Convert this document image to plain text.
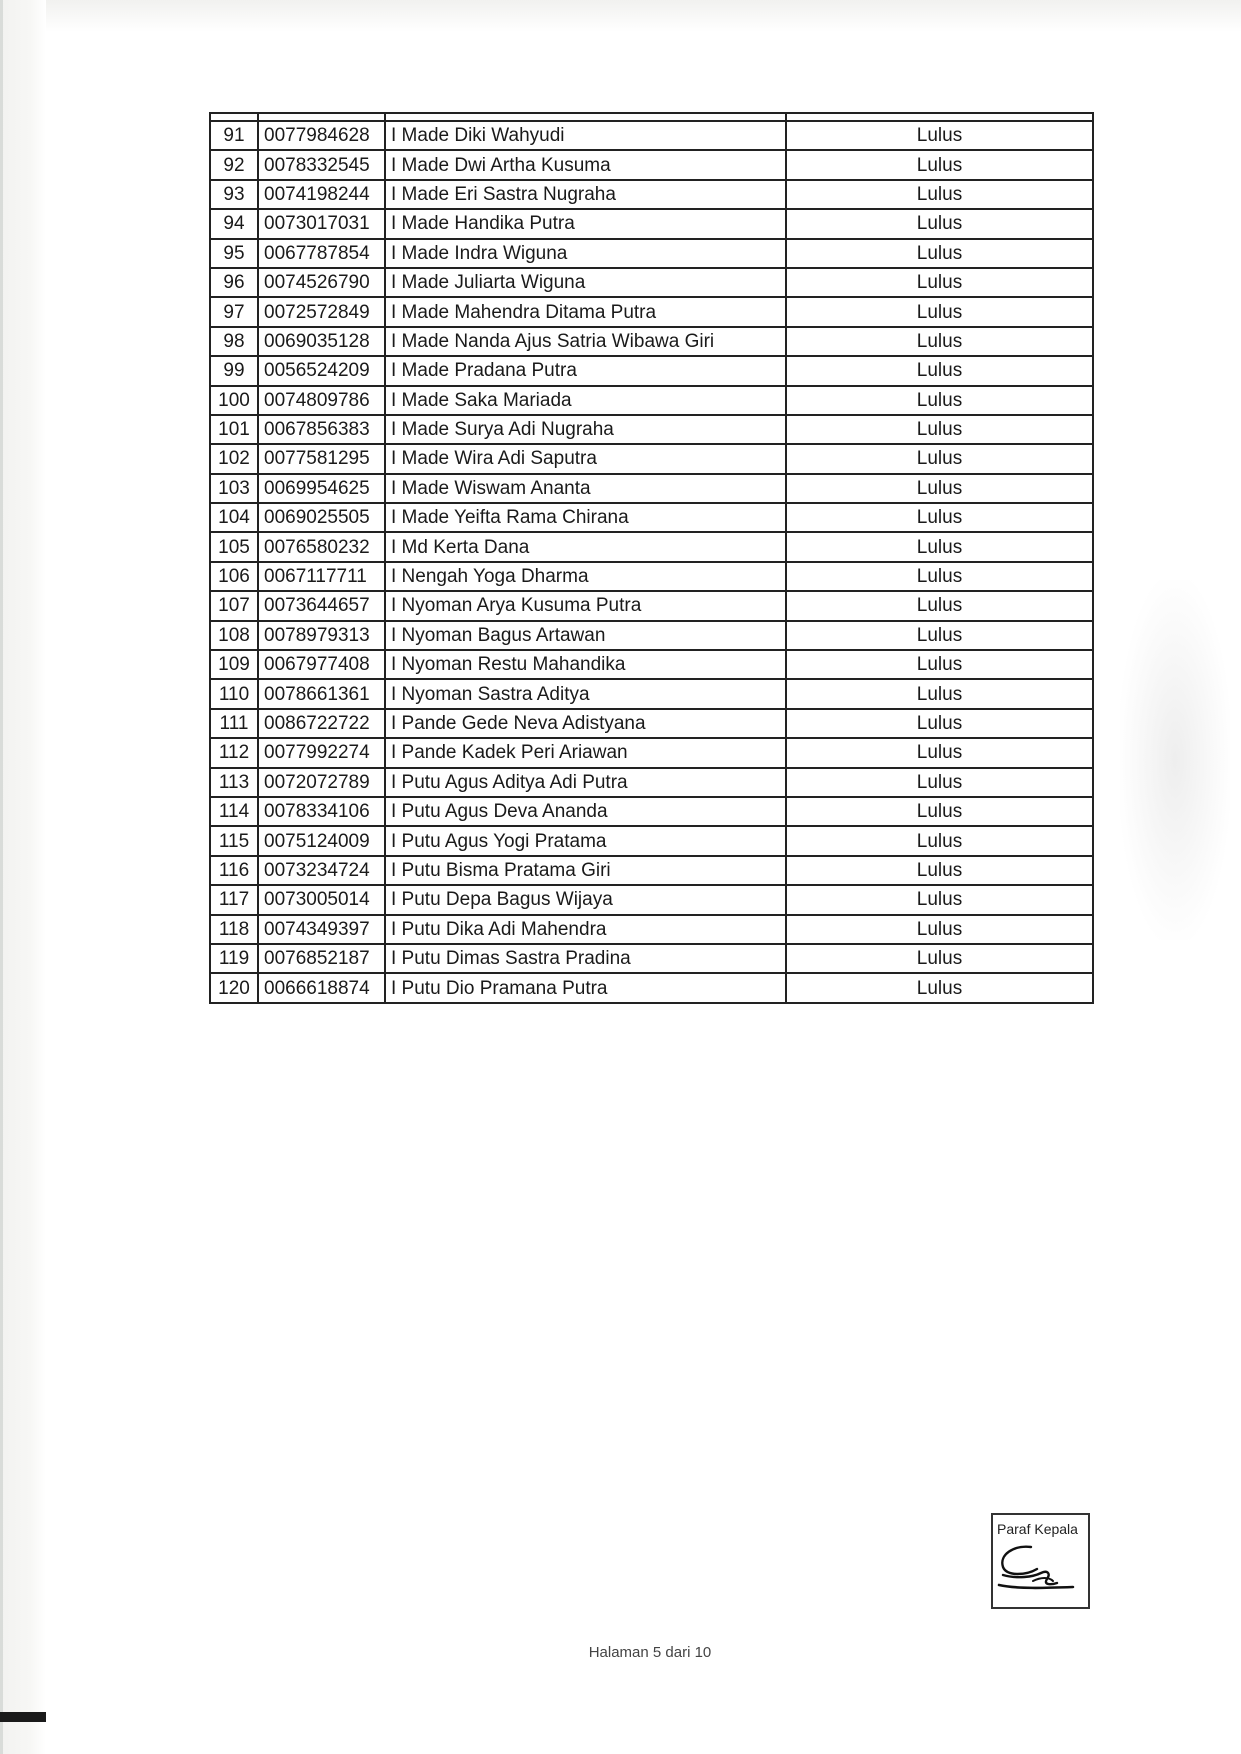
91	0077984628	I Made Diki Wahyudi	Lulus
92	0078332545	I Made Dwi Artha Kusuma	Lulus
93	0074198244	I Made Eri Sastra Nugraha	Lulus
94	0073017031	I Made Handika Putra	Lulus
95	0067787854	I Made Indra Wiguna	Lulus
96	0074526790	I Made Juliarta Wiguna	Lulus
97	0072572849	I Made Mahendra Ditama Putra	Lulus
98	0069035128	I Made Nanda Ajus Satria Wibawa Giri	Lulus
99	0056524209	I Made Pradana Putra	Lulus
100	0074809786	I Made Saka Mariada	Lulus
101	0067856383	I Made Surya Adi Nugraha	Lulus
102	0077581295	I Made Wira Adi Saputra	Lulus
103	0069954625	I Made Wiswam Ananta	Lulus
104	0069025505	I Made Yeifta Rama Chirana	Lulus
105	0076580232	I Md Kerta Dana	Lulus
106	0067117711	I Nengah Yoga Dharma	Lulus
107	0073644657	I Nyoman Arya Kusuma Putra	Lulus
108	0078979313	I Nyoman Bagus Artawan	Lulus
109	0067977408	I Nyoman Restu Mahandika	Lulus
110	0078661361	I Nyoman Sastra Aditya	Lulus
111	0086722722	I Pande Gede Neva Adistyana	Lulus
112	0077992274	I Pande Kadek Peri Ariawan	Lulus
113	0072072789	I Putu Agus Aditya Adi Putra	Lulus
114	0078334106	I Putu Agus Deva Ananda	Lulus
115	0075124009	I Putu Agus Yogi Pratama	Lulus
116	0073234724	I Putu Bisma Pratama Giri	Lulus
117	0073005014	I Putu Depa Bagus Wijaya	Lulus
118	0074349397	I Putu Dika Adi Mahendra	Lulus
119	0076852187	I Putu Dimas Sastra Pradina	Lulus
120	0066618874	I Putu Dio Pramana Putra	Lulus
Paraf Kepala
Halaman 5 dari 10
